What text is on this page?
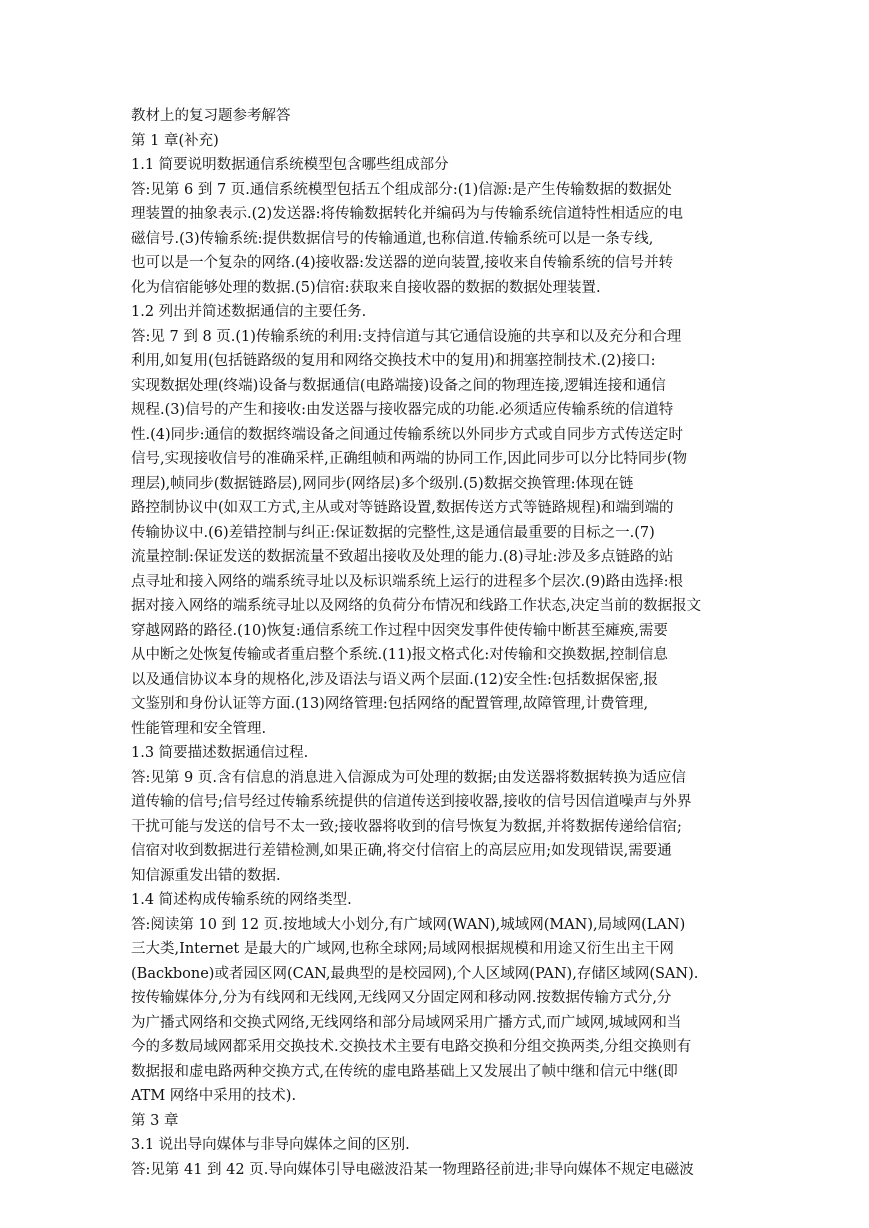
教材上的复习题参考解答
第 1 章(补充)
1.1 简要说明数据通信系统模型包含哪些组成部分
答:见第 6 到 7 页.通信系统模型包括五个组成部分:(1)信源:是产生传输数据的数据处
理装置的抽象表示.(2)发送器:将传输数据转化并编码为与传输系统信道特性相适应的电
磁信号.(3)传输系统:提供数据信号的传输通道,也称信道.传输系统可以是一条专线,
也可以是一个复杂的网络.(4)接收器:发送器的逆向装置,接收来自传输系统的信号并转
化为信宿能够处理的数据.(5)信宿:获取来自接收器的数据的数据处理装置.
1.2 列出并简述数据通信的主要任务.
答:见 7 到 8 页.(1)传输系统的利用:支持信道与其它通信设施的共享和以及充分和合理
利用,如复用(包括链路级的复用和网络交换技术中的复用)和拥塞控制技术.(2)接口:
实现数据处理(终端)设备与数据通信(电路端接)设备之间的物理连接,逻辑连接和通信
规程.(3)信号的产生和接收:由发送器与接收器完成的功能.必须适应传输系统的信道特
性.(4)同步:通信的数据终端设备之间通过传输系统以外同步方式或自同步方式传送定时
信号,实现接收信号的准确采样,正确组帧和两端的协同工作,因此同步可以分比特同步(物
理层),帧同步(数据链路层),网同步(网络层)多个级别.(5)数据交换管理:体现在链
路控制协议中(如双工方式,主从或对等链路设置,数据传送方式等链路规程)和端到端的
传输协议中.(6)差错控制与纠正:保证数据的完整性,这是通信最重要的目标之一.(7)
流量控制:保证发送的数据流量不致超出接收及处理的能力.(8)寻址:涉及多点链路的站
点寻址和接入网络的端系统寻址以及标识端系统上运行的进程多个层次.(9)路由选择:根
据对接入网络的端系统寻址以及网络的负荷分布情况和线路工作状态,决定当前的数据报文
穿越网路的路径.(10)恢复:通信系统工作过程中因突发事件使传输中断甚至瘫痪,需要
从中断之处恢复传输或者重启整个系统.(11)报文格式化:对传输和交换数据,控制信息
以及通信协议本身的规格化,涉及语法与语义两个层面.(12)安全性:包括数据保密,报
文鉴别和身份认证等方面.(13)网络管理:包括网络的配置管理,故障管理,计费管理,
性能管理和安全管理.
1.3 简要描述数据通信过程.
答:见第 9 页.含有信息的消息进入信源成为可处理的数据;由发送器将数据转换为适应信
道传输的信号;信号经过传输系统提供的信道传送到接收器,接收的信号因信道噪声与外界
干扰可能与发送的信号不太一致;接收器将收到的信号恢复为数据,并将数据传递给信宿;
信宿对收到数据进行差错检测,如果正确,将交付信宿上的高层应用;如发现错误,需要通
知信源重发出错的数据.
1.4 简述构成传输系统的网络类型.
答:阅读第 10 到 12 页.按地域大小划分,有广域网(WAN),城域网(MAN),局域网(LAN)
三大类,Internet 是最大的广域网,也称全球网;局域网根据规模和用途又衍生出主干网
(Backbone)或者园区网(CAN,最典型的是校园网),个人区域网(PAN),存储区域网(SAN).
按传输媒体分,分为有线网和无线网,无线网又分固定网和移动网.按数据传输方式分,分
为广播式网络和交换式网络,无线网络和部分局域网采用广播方式,而广域网,城域网和当
今的多数局域网都采用交换技术.交换技术主要有电路交换和分组交换两类,分组交换则有
数据报和虚电路两种交换方式,在传统的虚电路基础上又发展出了帧中继和信元中继(即
ATM 网络中采用的技术).
第 3 章
3.1 说出导向媒体与非导向媒体之间的区别.
答:见第 41 到 42 页.导向媒体引导电磁波沿某一物理路径前进;非导向媒体不规定电磁波
